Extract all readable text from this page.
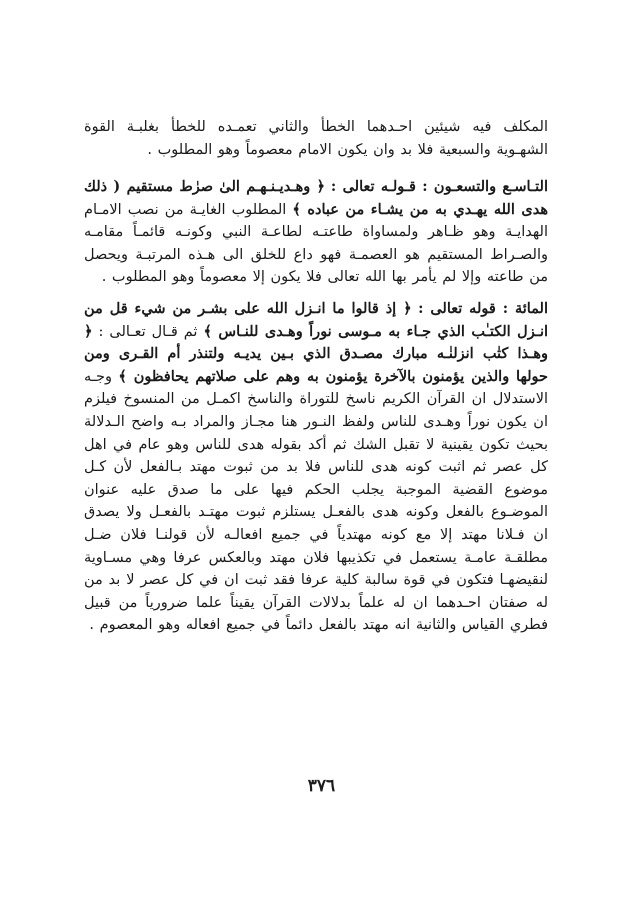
المكلف فيه شيئين احـدهما الخطأ والثاني تعمـده للخطأ بغلبـة القوة الشهـوية والسبعية فلا بد وان يكون الامام معصوماً وهو المطلوب .

التـاسـع والتسعـون : قـولـه تعالى : ﴿ وهـديـنـهـم الىٰ صرٰط مستقيم ( ذلك هدى الله يهـدي به من يشـاء من عباده ﴾ المطلوب الغايـة من نصب الامـام الهدايـة وهو ظـاهر ولمساواة طاعتـه لطاعـة النبي وكونـه قائمـاً مقامـه والصـراط المستقيم هو العصمـة فهو داع للخلق الى هـذه المرتبـة ويحصل من طاعته وإلا لم يأمر بها الله تعالى فلا يكون إلا معصوماً وهو المطلوب .

المائة : قوله تعالى : ﴿ إذ قالوا ما انـزل الله على بشـر من شيء قل من انـزل الكتـٰب الذي جـاء به مـوسى نوراً وهـدى للنـاس ﴾ ثم قـال تعـالى : ﴿ وهـذا كتٰب انزلنٰـه مبارك مصـدق الذي بـين يديـه ولتنذر أم القـرى ومن حولها والذين يؤمنون بالآخرة يؤمنون به وهم على صلاتهم يحافظون ﴾ وجـه الاستدلال ان القرآن الكريم ناسخ للتوراة والناسخ اكمـل من المنسوخ فيلزم ان يكون نوراً وهـدى للناس ولفظ النـور هنا مجـاز والمراد بـه واضح الـدلالة بحيث تكون يقينية لا تقبل الشك ثم أكد بقوله هدى للناس وهو عام في اهل كل عصر ثم اثبت كونه هدى للناس فلا بد من ثبوت مهتد بـالفعل لأن كـل موضوع القضية الموجبة يجلب الحكم فيها على ما صدق عليه عنوان الموضـوع بالفعل وكونه هدى بالفعـل يستلزم ثبوت مهتـد بالفعـل ولا يصدق ان فـلانا مهتد إلا مع كونه مهتدياً في جميع افعالـه لأن قولنـا فلان ضـل مطلقـة عامـة يستعمل في تكذيبها فلان مهتد وبالعكس عرفا وهي مسـاوية لنقيضهـا فتكون في قوة سالبة كلية عرفا فقد ثبت ان في كل عصر لا بد من له صفتان احـدهما ان له علماً بدلالات القرآن يقيناً علما ضرورياً من قبيل فطري القياس والثانية انه مهتد بالفعل دائماً في جميع افعاله وهو المعصوم .

٣٧٦
